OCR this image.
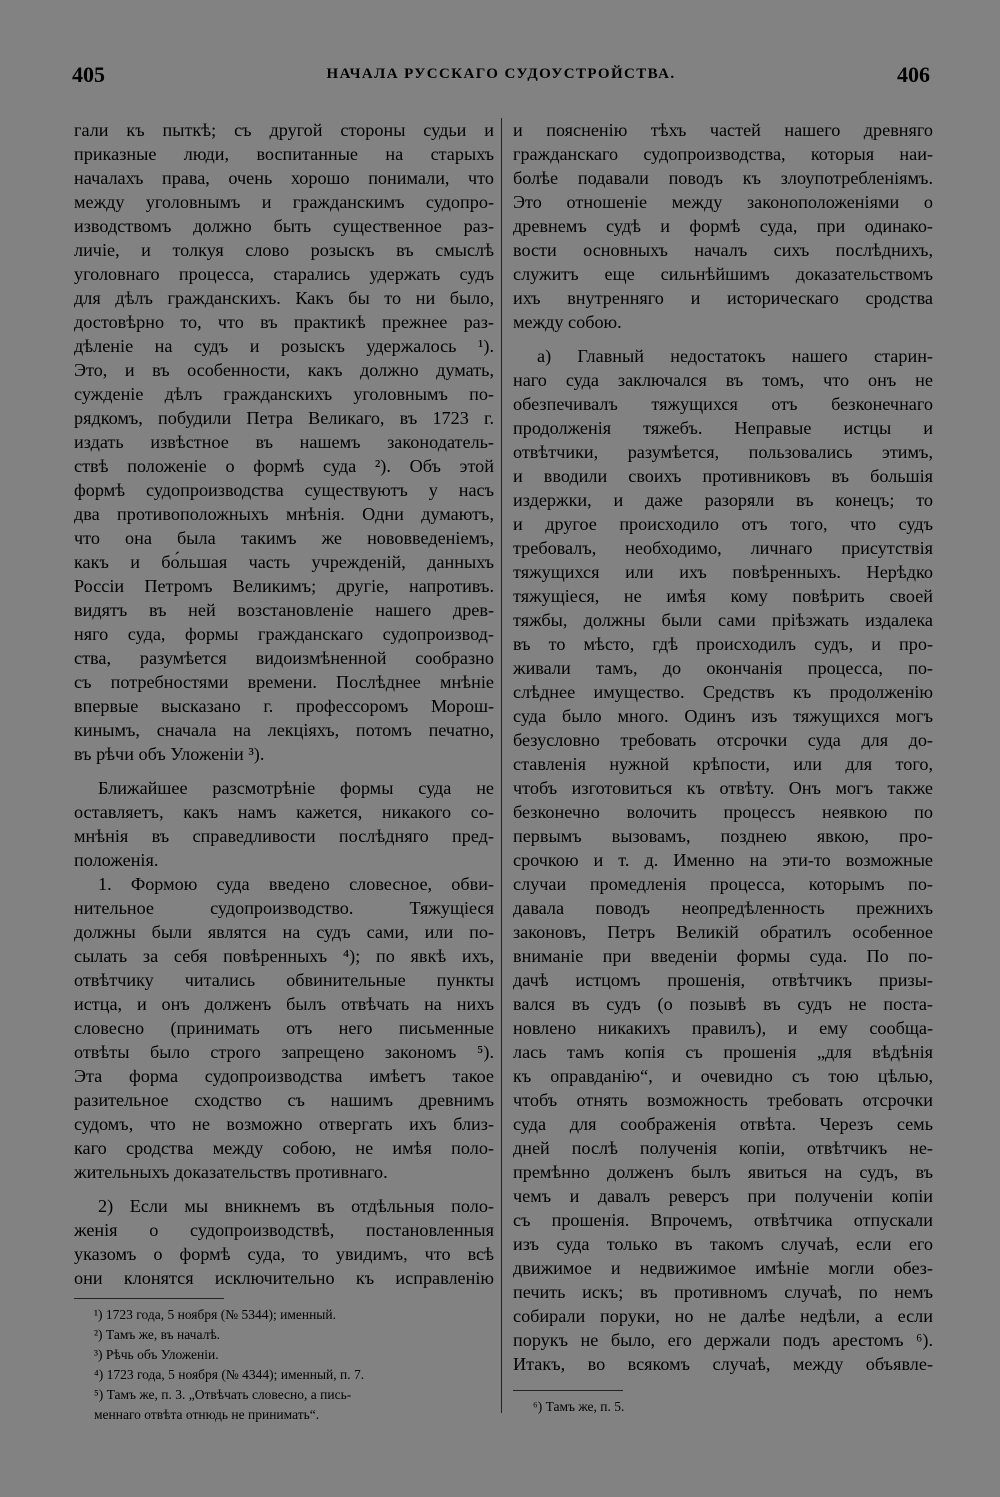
405	НАЧАЛА РУССКАГО СУДОУСТРОЙСТВА.	406
гали къ пыткѣ; съ другой стороны судьи и
приказные люди, воспитанные на старыхъ
началахъ права, очень хорошо понимали, что
между уголовнымъ и гражданскимъ судопро-
изводствомъ должно быть существенное раз-
личіе, и толкуя слово розыскъ въ смыслѣ
уголовнаго процесса, старались удержать судъ
для дѣлъ гражданскихъ. Какъ бы то ни было,
достовѣрно то, что въ практикѣ прежнее раз-
дѣленіе на судъ и розыскъ удержалось ¹).
Это, и въ особенности, какъ должно думать,
сужденіе дѣлъ гражданскихъ уголовнымъ по-
рядкомъ, побудили Петра Великаго, въ 1723 г.
издать извѣстное въ нашемъ законодатель-
ствѣ положеніе о формѣ суда ²). Объ этой
формѣ судопроизводства существуютъ у насъ
два противоположныхъ мнѣнія. Одни думаютъ,
что она была такимъ же нововведеніемъ,
какъ и бо́льшая часть учрежденій, данныхъ
Россіи Петромъ Великимъ; другіе, напротивъ.
видятъ въ ней возстановленіе нашего древ-
няго суда, формы гражданскаго судопроизвод-
ства, разумѣется видоизмѣненной сообразно
съ потребностями времени. Послѣднее мнѣніе
впервые высказано г. профессоромъ Морош-
кинымъ, сначала на лекціяхъ, потомъ печатно,
въ рѣчи объ Уложеніи ³).
Ближайшее разсмотрѣніе формы суда не
оставляетъ, какъ намъ кажется, никакого со-
мнѣнія въ справедливости послѣдняго пред-
положенія.
1. Формою суда введено словесное, обви-
нительное судопроизводство. Тяжущіеся
должны были являтся на судъ сами, или по-
сылать за себя повѣренныхъ ⁴); по явкѣ ихъ,
отвѣтчику читались обвинительные пункты
истца, и онъ долженъ былъ отвѣчать на нихъ
словесно (принимать отъ него письменные
отвѣты было строго запрещено закономъ ⁵).
Эта форма судопроизводства имѣетъ такое
разительное сходство съ нашимъ древнимъ
судомъ, что не возможно отвергать ихъ близ-
каго сродства между собою, не имѣя поло-
жительныхъ доказательствъ противнаго.
2) Если мы вникнемъ въ отдѣльныя поло-
женія о судопроизводствѣ, постановленныя
указомъ о формѣ суда, то увидимъ, что всѣ
они клонятся исключительно къ исправленію
¹) 1723 года, 5 ноября (№ 5344); именный.
²) Тамъ же, въ началѣ.
³) Рѣчь объ Уложеніи.
⁴) 1723 года, 5 ноября (№ 4344); именный, п. 7.
⁵) Тамъ же, п. 3. „Отвѣчать словесно, а пись-
меннаго отвѣта отнюдь не принимать“.
и поясненію тѣхъ частей нашего древняго
гражданскаго судопроизводства, которыя наи-
болѣе подавали поводъ къ злоупотребленіямъ.
Это отношеніе между законоположеніями о
древнемъ судѣ и формѣ суда, при одинако-
вости основныхъ началъ сихъ послѣднихъ,
служитъ еще сильнѣйшимъ доказательствомъ
ихъ внутренняго и историческаго сродства
между собою.
а) Главный недостатокъ нашего старин-
наго суда заключался въ томъ, что онъ не
обезпечивалъ тяжущихся отъ безконечнаго
продолженія тяжебъ. Неправые истцы и
отвѣтчики, разумѣется, пользовались этимъ,
и вводили своихъ противниковъ въ большія
издержки, и даже разоряли въ конецъ; то
и другое происходило отъ того, что судъ
требовалъ, необходимо, личнаго присутствія
тяжущихся или ихъ повѣренныхъ. Нерѣдко
тяжущіеся, не имѣя кому повѣрить своей
тяжбы, должны были сами пріѣзжать издалека
въ то мѣсто, гдѣ происходилъ судъ, и про-
живали тамъ, до окончанія процесса, по-
слѣднее имущество. Средствъ къ продолженію
суда было много. Одинъ изъ тяжущихся могъ
безусловно требовать отсрочки суда для до-
ставленія нужной крѣпости, или для того,
чтобъ изготовиться къ отвѣту. Онъ могъ также
безконечно волочить процессъ неявкою по
первымъ вызовамъ, позднею явкою, про-
срочкою и т. д. Именно на эти-то возможные
случаи промедленія процесса, которымъ по-
давала поводъ неопредѣленность прежнихъ
законовъ, Петръ Великій обратилъ особенное
вниманіе при введеніи формы суда. По по-
дачѣ истцомъ прошенія, отвѣтчикъ призы-
вался въ судъ (о позывѣ въ судъ не поста-
новлено никакихъ правилъ), и ему сообща-
лась тамъ копія съ прошенія „для вѣдѣнія
къ оправданію“, и очевидно съ тою цѣлью,
чтобъ отнять возможность требовать отсрочки
суда для соображенія отвѣта. Черезъ семь
дней послѣ полученія копіи, отвѣтчикъ не-
премѣнно долженъ былъ явиться на судъ, въ
чемъ и давалъ реверсъ при полученіи копіи
съ прошенія. Впрочемъ, отвѣтчика отпускали
изъ суда только въ такомъ случаѣ, если его
движимое и недвижимое имѣніе могли обез-
печить искъ; въ противномъ случаѣ, по немъ
собирали поруки, но не далѣе недѣли, а если
порукъ не было, его держали подъ арестомъ ⁶).
Итакъ, во всякомъ случаѣ, между объявле-
⁶) Тамъ же, п. 5.
